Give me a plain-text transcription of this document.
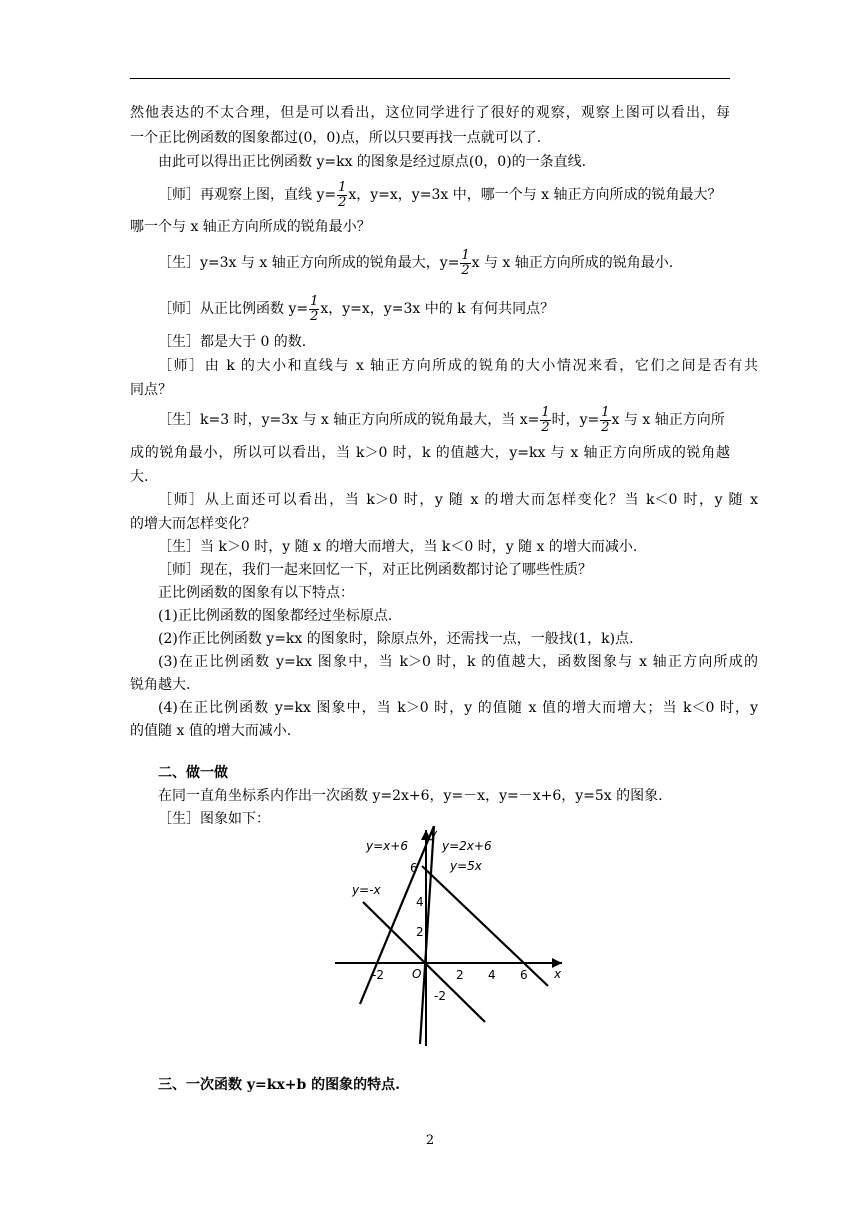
然他表达的不太合理，但是可以看出，这位同学进行了很好的观察，观察上图可以看出，每
一个正比例函数的图象都过(0，0)点，所以只要再找一点就可以了.
由此可以得出正比例函数 y=kx 的图象是经过原点(0，0)的一条直线.
［师］再观察上图，直线 $y= \frac{1}{2}$ x，y=x，y=3x 中，哪一个与 x 轴正方向所成的锐角最大？
哪一个与 x 轴正方向所成的锐角最小？
［生］y=3x 与 x 轴正方向所成的锐角最大，$y= \frac{1}{2}$ x 与 x 轴正方向所成的锐角最小.
［师］从正比例函数 $y= \frac{1}{2}$ x，y=x，y=3x 中的 k 有何共同点？
［生］都是大于 0 的数.
［师］由 k 的大小和直线与 x 轴正方向所成的锐角的大小情况来看，它们之间是否有共
同点？
［生］k=3 时，y=3x 与 x 轴正方向所成的锐角最大，当 $x= \frac{1}{2}$ 时，$y= \frac{1}{2}$ x 与 x 轴正方向所
成的锐角最小，所以可以看出，当 k＞0 时，k 的值越大，y=kx 与 x 轴正方向所成的锐角越
大.
［师］从上面还可以看出，当 k＞0 时，y 随 x 的增大而怎样变化？当 k＜0 时，y 随 x
的增大而怎样变化？
［生］当 k＞0 时，y 随 x 的增大而增大，当 k＜0 时，y 随 x 的增大而减小.
［师］现在，我们一起来回忆一下，对正比例函数都讨论了哪些性质？
正比例函数的图象有以下特点：
(1)正比例函数的图象都经过坐标原点.
(2)作正比例函数 y=kx 的图象时，除原点外，还需找一点，一般找(1，k)点.
(3)在正比例函数 y=kx 图象中，当 k＞0 时，k 的值越大，函数图象与 x 轴正方向所成的
锐角越大.
(4)在正比例函数 y=kx 图象中，当 k＞0 时，y 的值随 x 值的增大而增大；当 k＜0 时，y
的值随 x 值的增大而减小.
二、做一做
在同一直角坐标系内作出一次函数 y=2x+6，y=－x，y=－x+6，y=5x 的图象.
［生］图象如下：
y=x+6	y=2x+6
y=5x
y=-x
y
x
O
-2	2 4 6
6
4
2
-2
三、一次函数 y=kx+b 的图象的特点.
2
